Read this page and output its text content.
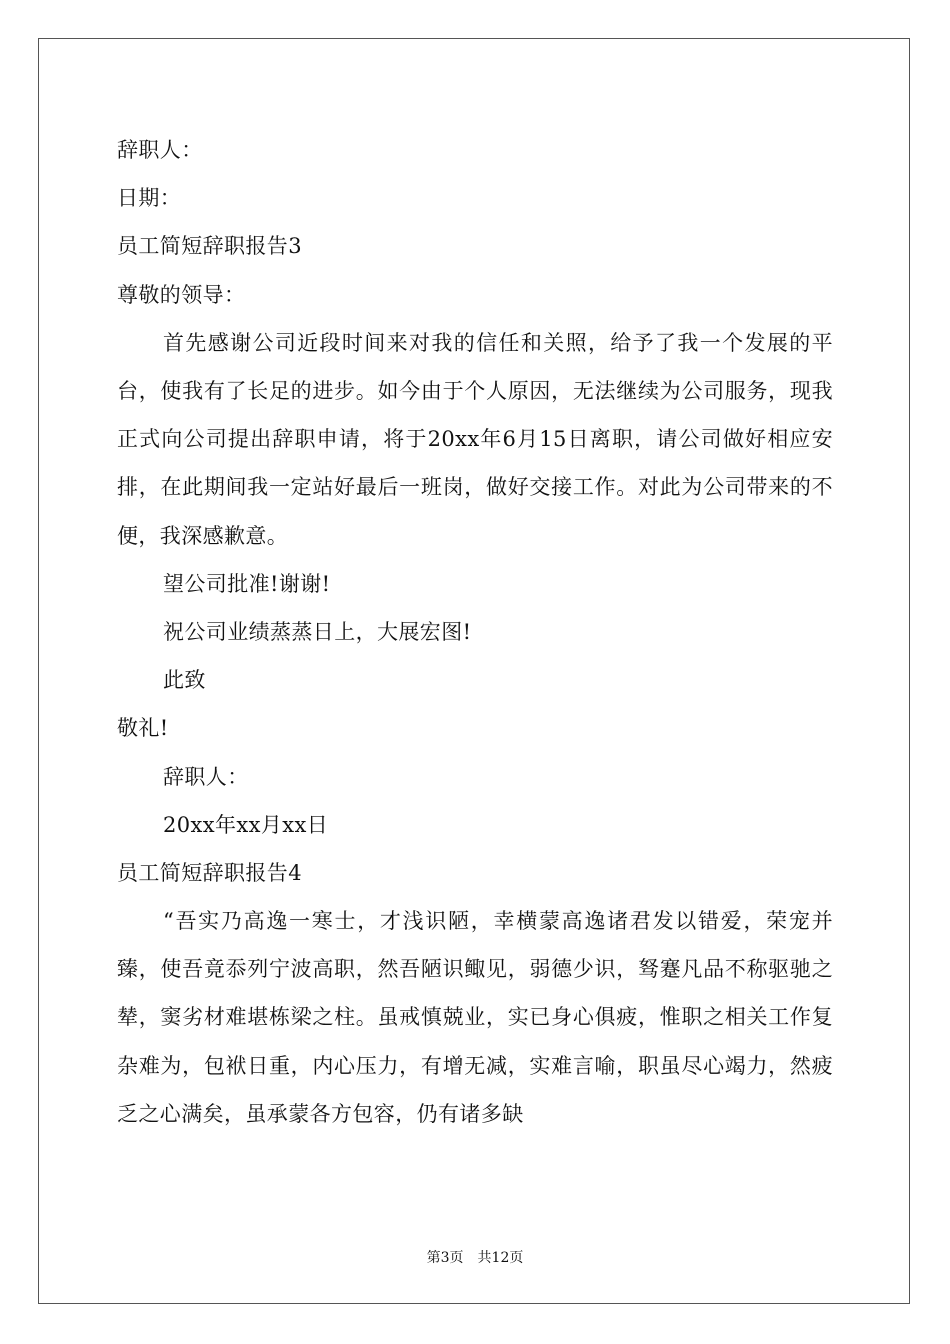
辞职人：
日期：
员工简短辞职报告3
尊敬的领导：

首先感谢公司近段时间来对我的信任和关照，给予了我一个发展的平台，使我有了长足的进步。如今由于个人原因，无法继续为公司服务，现我正式向公司提出辞职申请，将于20xx年6月15日离职，请公司做好相应安排，在此期间我一定站好最后一班岗，做好交接工作。对此为公司带来的不便，我深感歉意。

望公司批准!谢谢!
祝公司业绩蒸蒸日上，大展宏图!
此致
敬礼!
辞职人：
20xx年xx月xx日
员工简短辞职报告4

“吾实乃高逸一寒士，才浅识陋，幸横蒙高逸诸君发以错爱，荣宠并臻，使吾竟忝列宁波高职，然吾陋识鲰见，弱德少识，驽蹇凡品不称驱驰之辇，窦劣材难堪栋梁之柱。虽戒慎兢业，实已身心俱疲，惟职之相关工作复杂难为，包袱日重，内心压力，有增无减，实难言喻，职虽尽心竭力，然疲乏之心满矣，虽承蒙各方包容，仍有诸多缺

第3页 共12页
